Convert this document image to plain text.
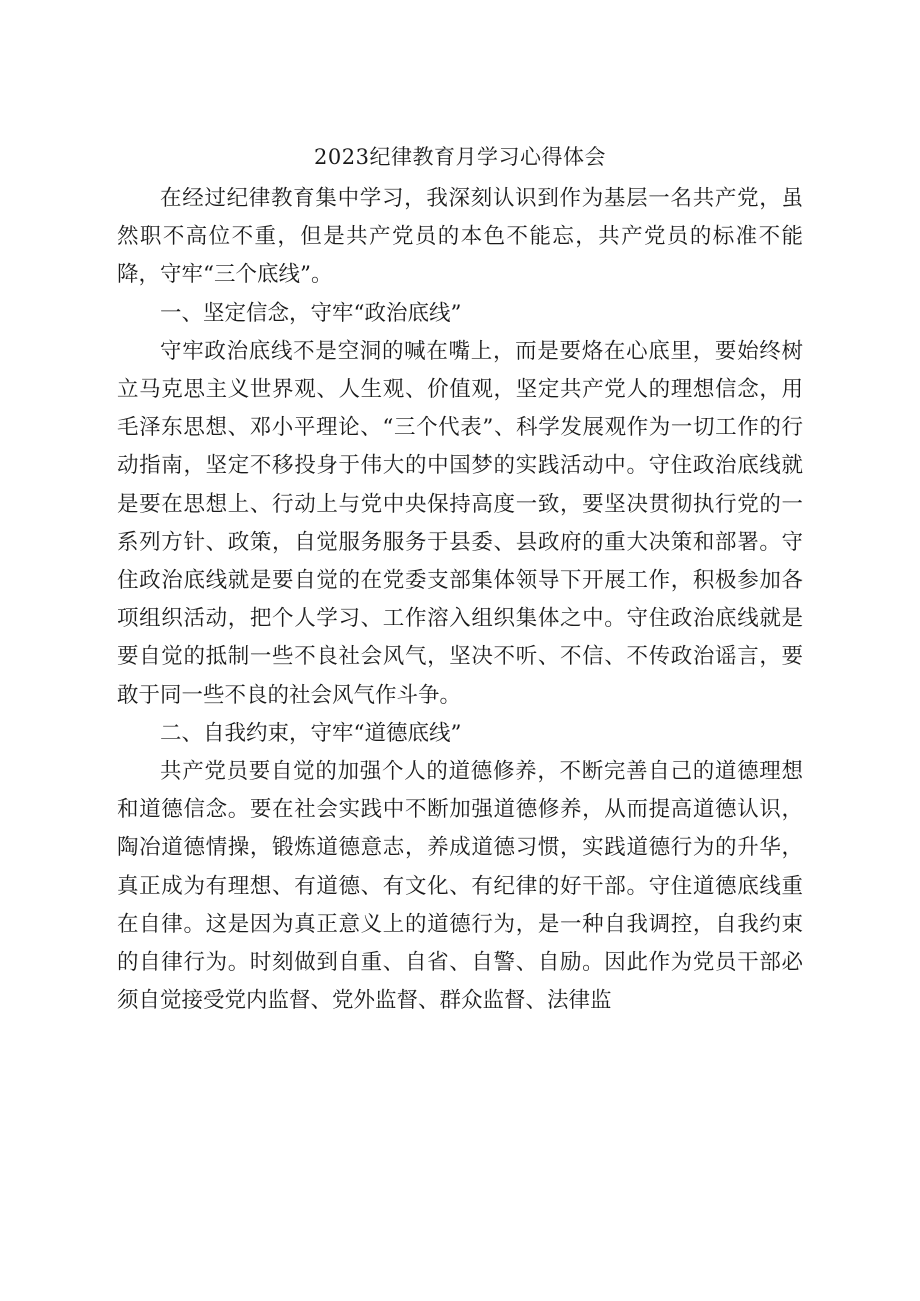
2023纪律教育月学习心得体会

在经过纪律教育集中学习，我深刻认识到作为基层一名共产党，虽然职不高位不重，但是共产党员的本色不能忘，共产党员的标准不能降，守牢“三个底线”。

一、坚定信念，守牢“政治底线”

守牢政治底线不是空洞的喊在嘴上，而是要烙在心底里，要始终树立马克思主义世界观、人生观、价值观，坚定共产党人的理想信念，用毛泽东思想、邓小平理论、“三个代表”、科学发展观作为一切工作的行动指南，坚定不移投身于伟大的中国梦的实践活动中。守住政治底线就是要在思想上、行动上与党中央保持高度一致，要坚决贯彻执行党的一系列方针、政策，自觉服务服务于县委、县政府的重大决策和部署。守住政治底线就是要自觉的在党委支部集体领导下开展工作，积极参加各项组织活动，把个人学习、工作溶入组织集体之中。守住政治底线就是要自觉的抵制一些不良社会风气，坚决不听、不信、不传政治谣言，要敢于同一些不良的社会风气作斗争。

二、自我约束，守牢“道德底线”

共产党员要自觉的加强个人的道德修养，不断完善自己的道德理想和道德信念。要在社会实践中不断加强道德修养，从而提高道德认识，陶冶道德情操，锻炼道德意志，养成道德习惯，实践道德行为的升华，真正成为有理想、有道德、有文化、有纪律的好干部。守住道德底线重在自律。这是因为真正意义上的道德行为，是一种自我调控，自我约束的自律行为。时刻做到自重、自省、自警、自励。因此作为党员干部必须自觉接受党内监督、党外监督、群众监督、法律监
